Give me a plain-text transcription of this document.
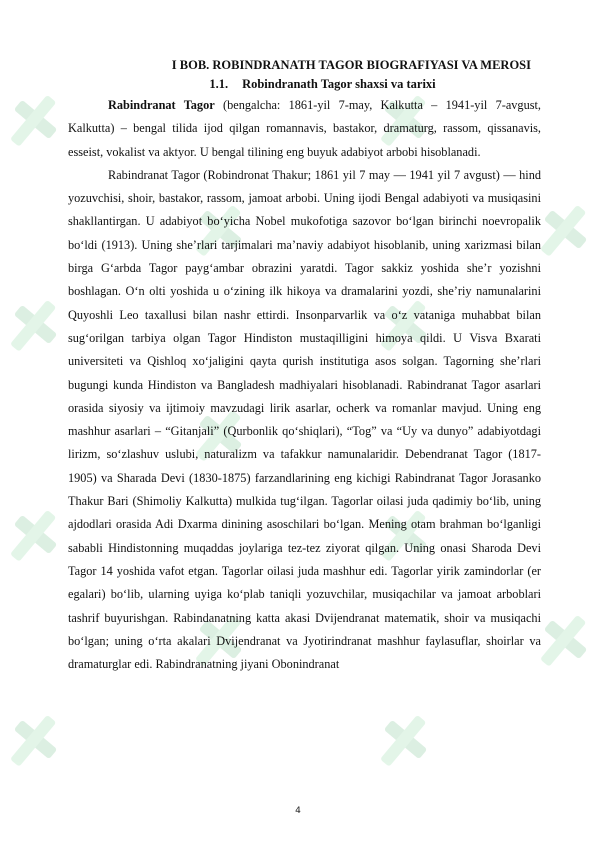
I BOB. ROBINDRANATH TAGOR BIOGRAFIYASI VA MEROSI
1.1. Robindranath Tagor shaxsi va tarixi

Rabindranat Tagor (bengalcha: 1861-yil 7-may, Kalkutta – 1941-yil 7-avgust, Kalkutta) – bengal tilida ijod qilgan romannavis, bastakor, dramaturg, rassom, qissanavis, esseist, vokalist va aktyor. U bengal tilining eng buyuk adabiyot arbobi hisoblanadi.

Rabindranat Tagor (Robindronat Thakur; 1861 yil 7 may — 1941 yil 7 avgust) — hind yozuvchisi, shoir, bastakor, rassom, jamoat arbobi. Uning ijodi Bengal adabiyoti va musiqasini shakllantirgan. U adabiyot bo‘yicha Nobel mukofotiga sazovor bo‘lgan birinchi noevropalik bo‘ldi (1913). Uning she’rlari tarjimalari ma’naviy adabiyot hisoblanib, uning xarizmasi bilan birga G‘arbda Tagor payg‘ambar obrazini yaratdi. Tagor sakkiz yoshida she’r yozishni boshlagan. O‘n olti yoshida u o‘zining ilk hikoya va dramalarini yozdi, she’riy namunalarini Quyoshli Leo taxallusi bilan nashr ettirdi. Insonparvarlik va o‘z vataniga muhabbat bilan sug‘orilgan tarbiya olgan Tagor Hindiston mustaqilligini himoya qildi. U Visva Bxarati universiteti va Qishloq xo‘jaligini qayta qurish institutiga asos solgan. Tagorning she’rlari bugungi kunda Hindiston va Bangladesh madhiyalari hisoblanadi. Rabindranat Tagor asarlari orasida siyosiy va ijtimoiy mavzudagi lirik asarlar, ocherk va romanlar mavjud. Uning eng mashhur asarlari – “Gitanjali” (Qurbonlik qo‘shiqlari), “Tog” va “Uy va dunyo” adabiyotdagi lirizm, so‘zlashuv uslubi, naturalizm va tafakkur namunalaridir. Debendranat Tagor (1817-1905) va Sharada Devi (1830-1875) farzandlarining eng kichigi Rabindranat Tagor Jorasanko Thakur Bari (Shimoliy Kalkutta) mulkida tug‘ilgan. Tagorlar oilasi juda qadimiy bo‘lib, uning ajdodlari orasida Adi Dxarma dinining asoschilari bo‘lgan. Mening otam brahman bo‘lganligi sababli Hindistonning muqaddas joylariga tez-tez ziyorat qilgan. Uning onasi Sharoda Devi Tagor 14 yoshida vafot etgan. Tagorlar oilasi juda mashhur edi. Tagorlar yirik zamindorlar (er egalari) bo‘lib, ularning uyiga ko‘plab taniqli yozuvchilar, musiqachilar va jamoat arboblari tashrif buyurishgan. Rabindanatning katta akasi Dvijendranat matematik, shoir va musiqachi bo‘lgan; uning o‘rta akalari Dvijendranat va Jyotirindranat mashhur faylasuflar, shoirlar va dramaturglar edi. Rabindranatning jiyani Obonindranat

4
